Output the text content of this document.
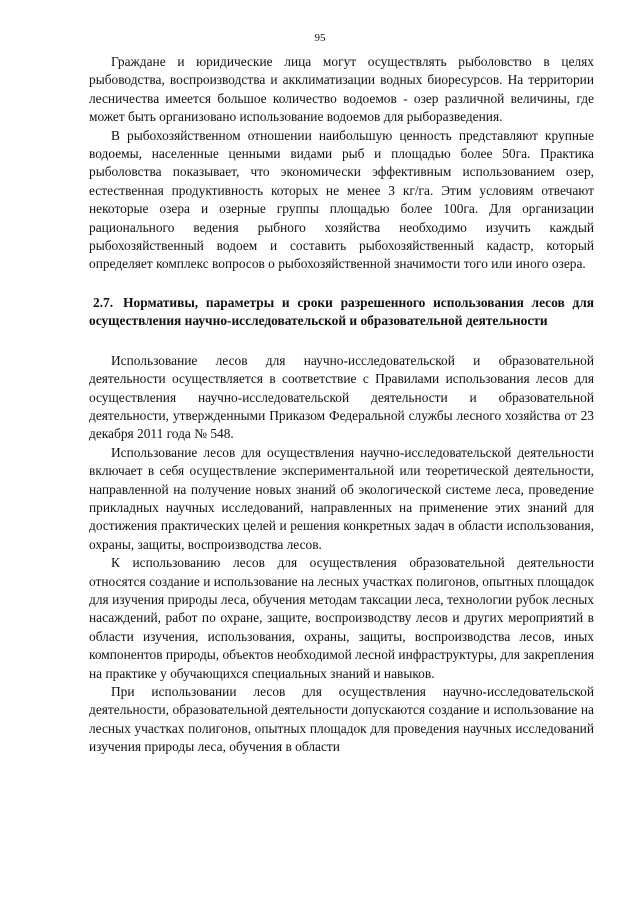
95

Граждане и юридические лица могут осуществлять рыболовство в целях рыбоводства, воспроизводства и акклиматизации водных биоресурсов. На территории лесничества имеется большое количество водоемов - озер различной величины, где может быть организовано использование водоемов для рыборазведения.

В рыбохозяйственном отношении наибольшую ценность представляют крупные водоемы, населенные ценными видами рыб и площадью более 50га. Практика рыболовства показывает, что экономически эффективным использованием озер, естественная продуктивность которых не менее 3 кг/га. Этим условиям отвечают некоторые озера и озерные группы площадью более 100га. Для организации рационального ведения рыбного хозяйства необходимо изучить каждый рыбохозяйственный водоем и составить рыбохозяйственный кадастр, который определяет комплекс вопросов о рыбохозяйственной значимости того или иного озера.

2.7. Нормативы, параметры и сроки разрешенного использования лесов для осуществления научно-исследовательской и образовательной деятельности

Использование лесов для научно-исследовательской и образовательной деятельности осуществляется в соответствие с Правилами использования лесов для осуществления научно-исследовательской деятельности и образовательной деятельности, утвержденными Приказом Федеральной службы лесного хозяйства от 23 декабря 2011 года № 548.

Использование лесов для осуществления научно-исследовательской деятельности включает в себя осуществление экспериментальной или теоретической деятельности, направленной на получение новых знаний об экологической системе леса, проведение прикладных научных исследований, направленных на применение этих знаний для достижения практических целей и решения конкретных задач в области использования, охраны, защиты, воспроизводства лесов.

К использованию лесов для осуществления образовательной деятельности относятся создание и использование на лесных участках полигонов, опытных площадок для изучения природы леса, обучения методам таксации леса, технологии рубок лесных насаждений, работ по охране, защите, воспроизводству лесов и других мероприятий в области изучения, использования, охраны, защиты, воспроизводства лесов, иных компонентов природы, объектов необходимой лесной инфраструктуры, для закрепления на практике у обучающихся специальных знаний и навыков.

При использовании лесов для осуществления научно-исследовательской деятельности, образовательной деятельности допускаются создание и использование на лесных участках полигонов, опытных площадок для проведения научных исследований изучения природы леса, обучения в области
